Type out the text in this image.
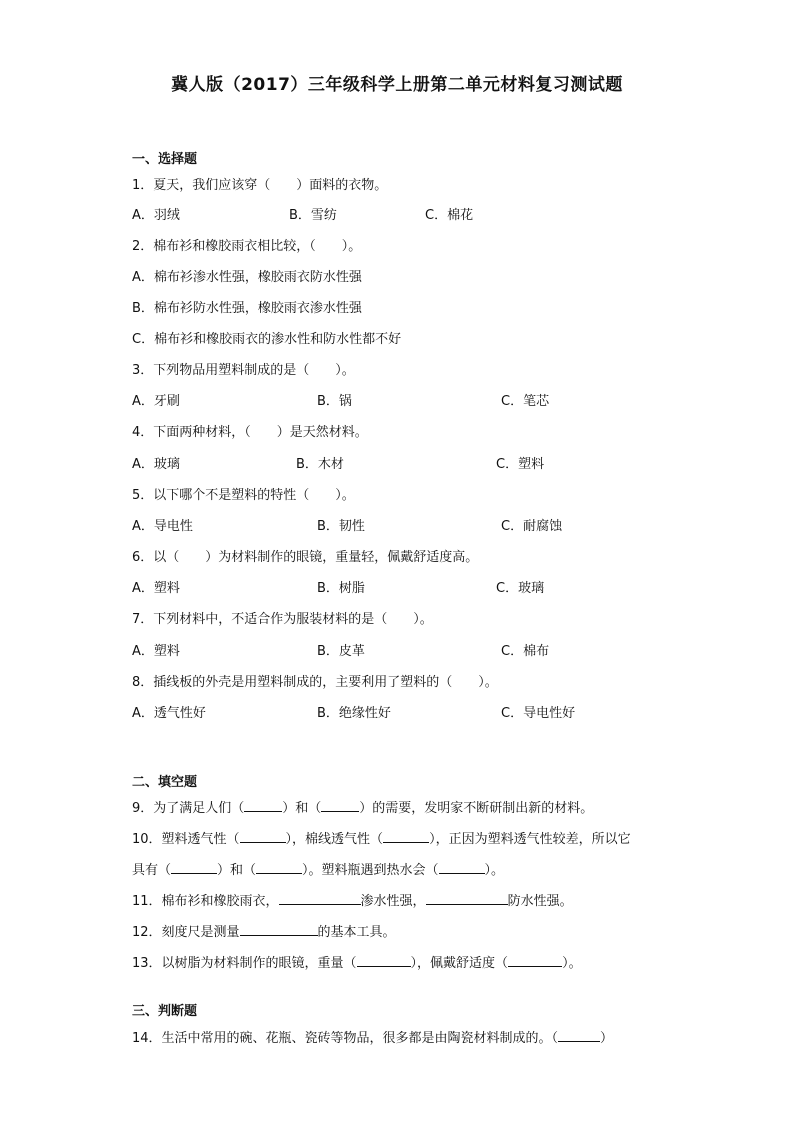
冀人版（2017）三年级科学上册第二单元材料复习测试题
一、选择题
1．夏天，我们应该穿（　　）面料的衣物。
A．羽绒	B．雪纺	C．棉花
2．棉布衫和橡胶雨衣相比较，（　　）。
A．棉布衫渗水性强，橡胶雨衣防水性强
B．棉布衫防水性强，橡胶雨衣渗水性强
C．棉布衫和橡胶雨衣的渗水性和防水性都不好
3．下列物品用塑料制成的是（　　）。
A．牙刷	B．锅	C．笔芯
4．下面两种材料，（　　）是天然材料。
A．玻璃	B．木材	C．塑料
5．以下哪个不是塑料的特性（　　）。
A．导电性	B．韧性	C．耐腐蚀
6．以（　　）为材料制作的眼镜，重量轻，佩戴舒适度高。
A．塑料	B．树脂	C．玻璃
7．下列材料中，不适合作为服装材料的是（　　）。
A．塑料	B．皮革	C．棉布
8．插线板的外壳是用塑料制成的，主要利用了塑料的（　　）。
A．透气性好	B．绝缘性好	C．导电性好
二、填空题
9．为了满足人们（	）和（	）的需要，发明家不断研制出新的材料。
10．塑料透气性（	），棉线透气性（	），正因为塑料透气性较差，所以它
具有（	）和（	）。塑料瓶遇到热水会（	）。
11．棉布衫和橡胶雨衣，	渗水性强，	防水性强。
12．刻度尺是测量	的基本工具。
13．以树脂为材料制作的眼镜，重量（	），佩戴舒适度（	）。
三、判断题
14．生活中常用的碗、花瓶、瓷砖等物品，很多都是由陶瓷材料制成的。（	）
